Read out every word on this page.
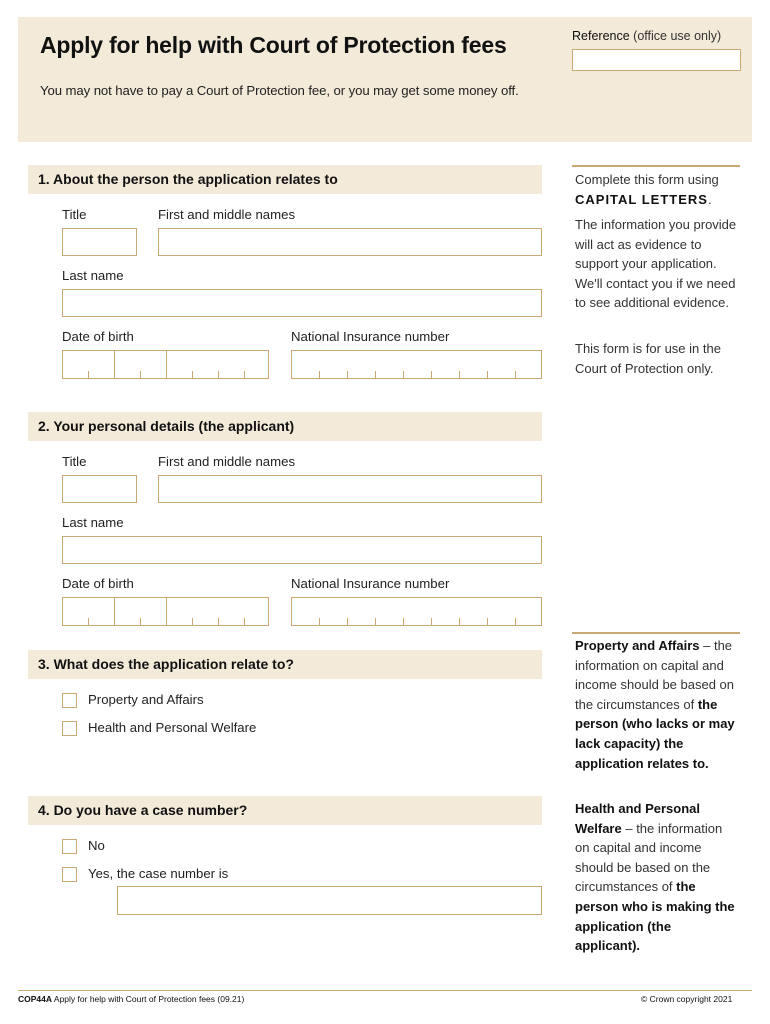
Apply for help with Court of Protection fees
You may not have to pay a Court of Protection fee, or you may get some money off.
Reference (office use only)
1. About the person the application relates to
Title	First and middle names
Last name
Date of birth	National Insurance number
2. Your personal details (the applicant)
Title	First and middle names
Last name
Date of birth	National Insurance number
3. What does the application relate to?
Property and Affairs
Health and Personal Welfare
4. Do you have a case number?
No
Yes, the case number is
Complete this form using CAPITAL LETTERS.
The information you provide will act as evidence to support your application. We'll contact you if we need to see additional evidence.
This form is for use in the Court of Protection only.
Property and Affairs – the information on capital and income should be based on the circumstances of the person (who lacks or may lack capacity) the application relates to.
Health and Personal Welfare – the information on capital and income should be based on the circumstances of the person who is making the application (the applicant).
COP44A Apply for help with Court of Protection fees (09.21)	© Crown copyright 2021
